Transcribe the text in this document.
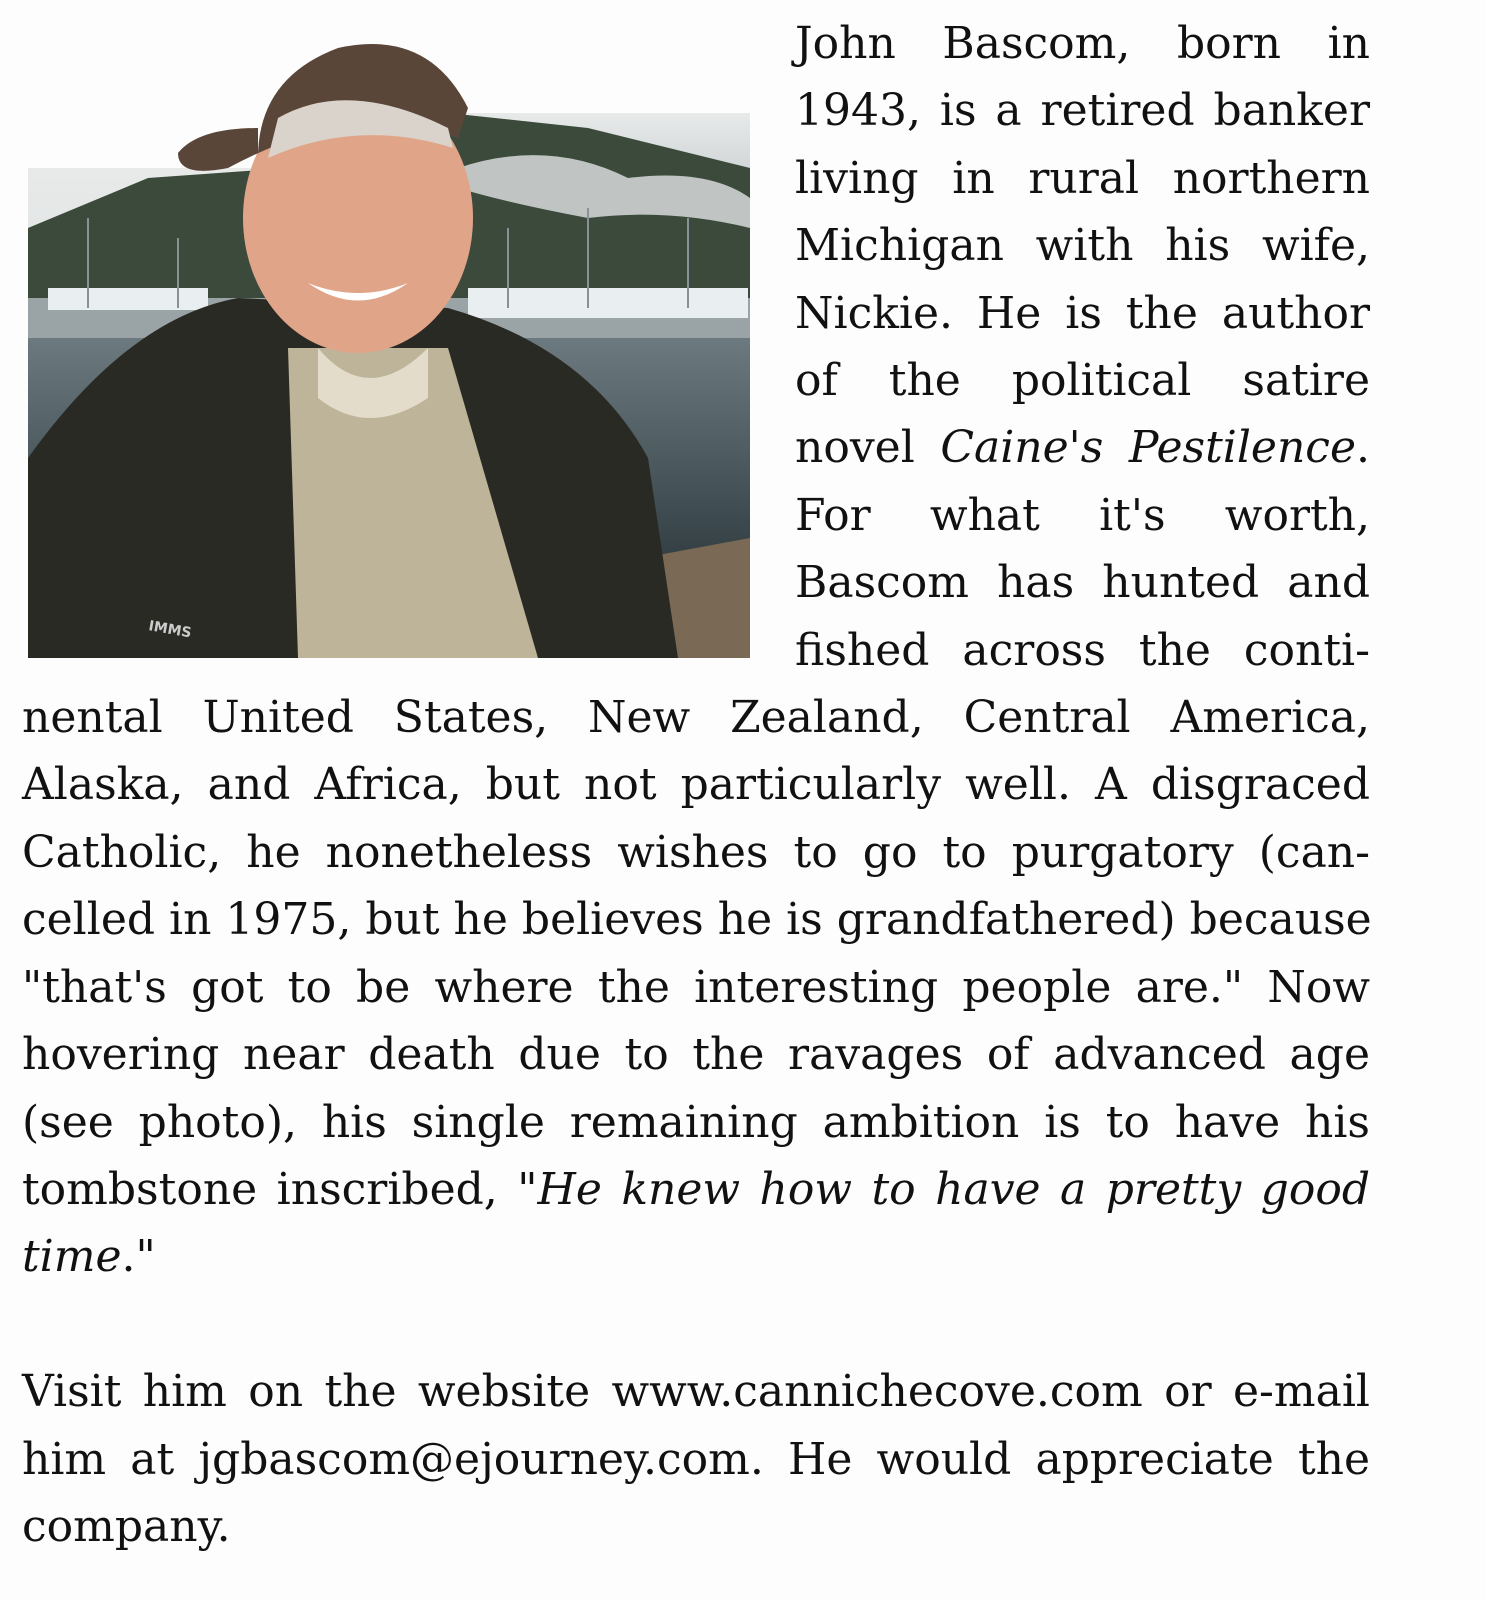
IMMS
John Bascom, born in
1943, is a retired banker
living in rural northern
Michigan with his wife,
Nickie. He is the author
of the political satire
novel Caine's Pestilence.
For what it's worth,
Bascom has hunted and
fished across the conti-
nental United States, New Zealand, Central America,
Alaska, and Africa, but not particularly well. A disgraced
Catholic, he nonetheless wishes to go to purgatory (can-
celled in 1975, but he believes he is grandfathered) because
"that's got to be where the interesting people are." Now
hovering near death due to the ravages of advanced age
(see photo), his single remaining ambition is to have his
tombstone inscribed, "He knew how to have a pretty good
time."
Visit him on the website www.cannichecove.com or e-mail
him at jgbascom@ejourney.com. He would appreciate the
company.
